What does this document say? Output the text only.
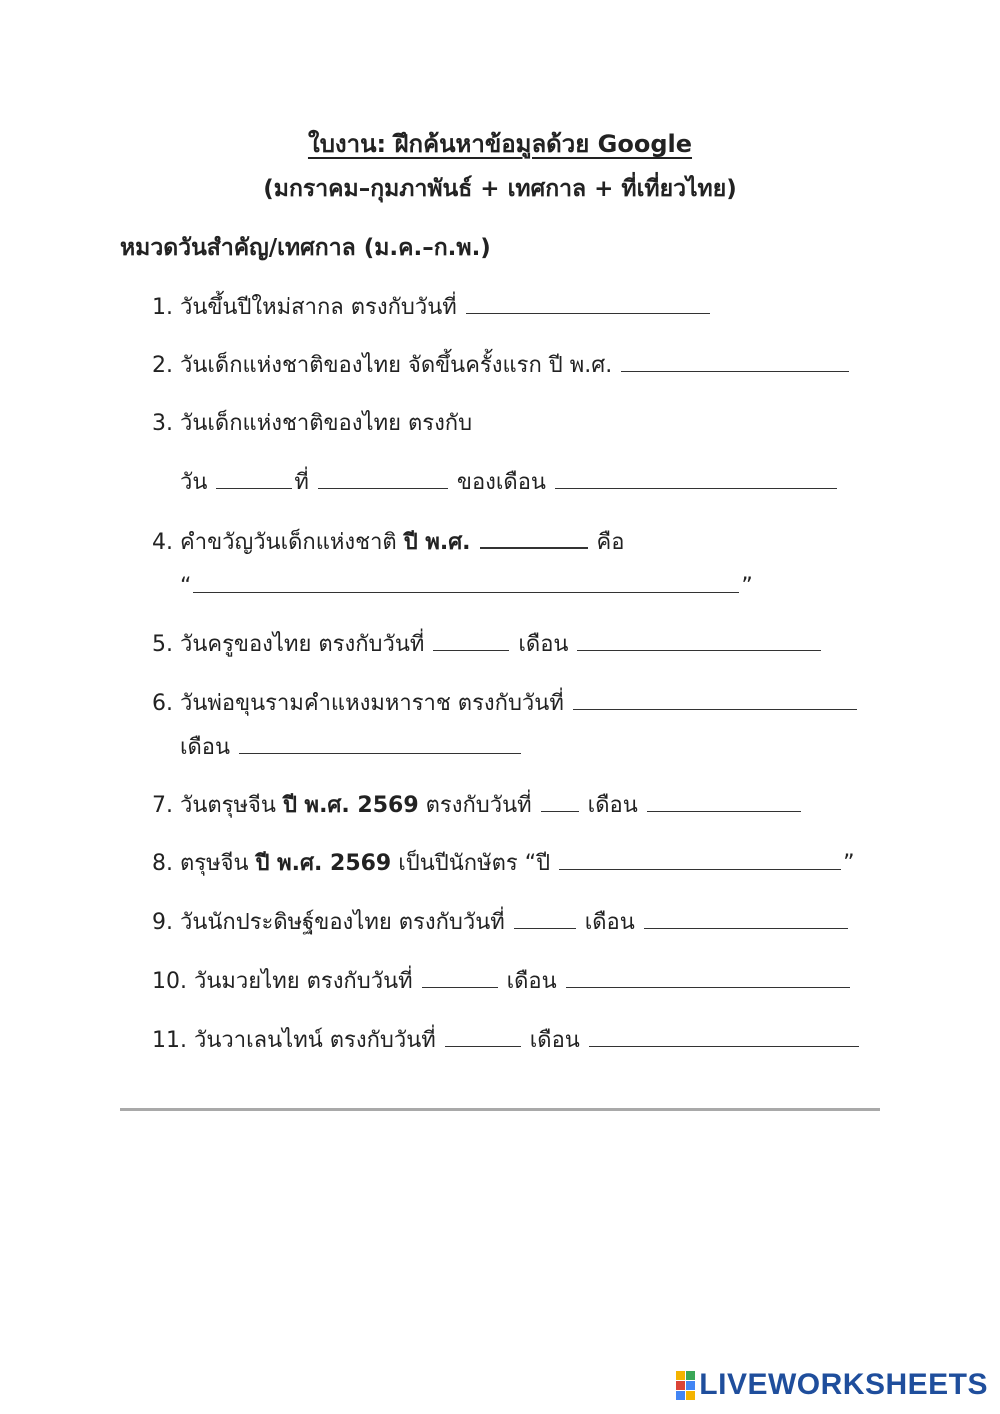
ใบงาน: ฝึกค้นหาข้อมูลด้วย Google
(มกราคม–กุมภาพันธ์ + เทศกาล + ที่เที่ยวไทย)
หมวดวันสำคัญ/เทศกาล (ม.ค.–ก.พ.)
1. วันขึ้นปีใหม่สากล ตรงกับวันที่
2. วันเด็กแห่งชาติของไทย จัดขึ้นครั้งแรก ปี พ.ศ.
3. วันเด็กแห่งชาติของไทย ตรงกับ
วัน	ที่	ของเดือน
4. คำขวัญวันเด็กแห่งชาติ ปี พ.ศ.	คือ
“	”
5. วันครูของไทย ตรงกับวันที่	เดือน
6. วันพ่อขุนรามคำแหงมหาราช ตรงกับวันที่
เดือน
7. วันตรุษจีน ปี พ.ศ. 2569 ตรงกับวันที่	เดือน
8. ตรุษจีน ปี พ.ศ. 2569 เป็นปีนักษัตร “ปี	”
9. วันนักประดิษฐ์ของไทย ตรงกับวันที่	เดือน
10. วันมวยไทย ตรงกับวันที่	เดือน
11. วันวาเลนไทน์ ตรงกับวันที่	เดือน
LIVEWORKSHEETS
